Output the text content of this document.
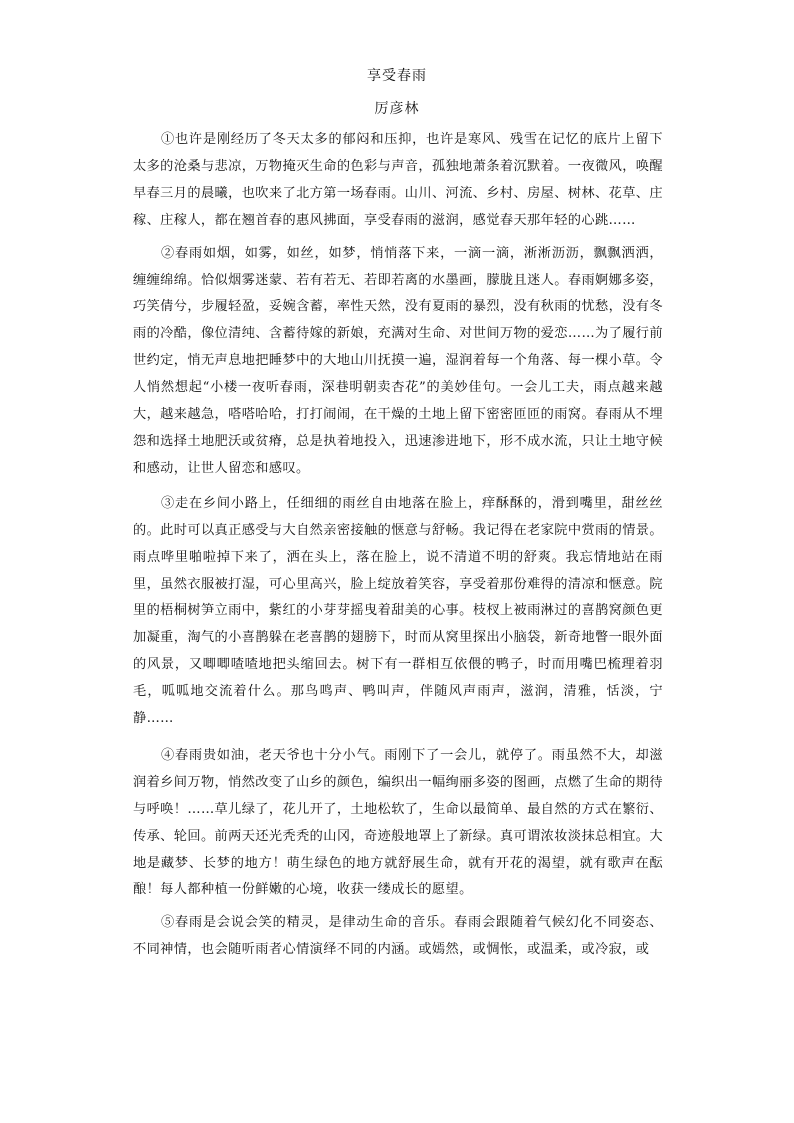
享受春雨
厉彦林

①也许是刚经历了冬天太多的郁闷和压抑，也许是寒风、残雪在记忆的底片上留下太多的沧桑与悲凉，万物掩灭生命的色彩与声音，孤独地萧条着沉默着。一夜微风，唤醒早春三月的晨曦，也吹来了北方第一场春雨。山川、河流、乡村、房屋、树林、花草、庄稼、庄稼人，都在翘首春的惠风拂面，享受春雨的滋润，感觉春天那年轻的心跳……

②春雨如烟，如雾，如丝，如梦，悄悄落下来，一滴一滴，淅淅沥沥，飘飘洒洒，缠缠绵绵。恰似烟雾迷蒙、若有若无、若即若离的水墨画，朦胧且迷人。春雨婀娜多姿，巧笑倩兮，步履轻盈，妥婉含蓄，率性天然，没有夏雨的暴烈，没有秋雨的忧愁，没有冬雨的冷酷，像位清纯、含蓄待嫁的新娘，充满对生命、对世间万物的爱恋……为了履行前世约定，悄无声息地把睡梦中的大地山川抚摸一遍，湿润着每一个角落、每一棵小草。令人悄然想起“小楼一夜听春雨，深巷明朝卖杏花”的美妙佳句。一会儿工夫，雨点越来越大，越来越急，嗒嗒哈哈，打打闹闹，在干燥的土地上留下密密匝匝的雨窝。春雨从不埋怨和选择土地肥沃或贫瘠，总是执着地投入，迅速渗进地下，形不成水流，只让土地守候和感动，让世人留恋和感叹。

③走在乡间小路上，任细细的雨丝自由地落在脸上，痒酥酥的，滑到嘴里，甜丝丝的。此时可以真正感受与大自然亲密接触的惬意与舒畅。我记得在老家院中赏雨的情景。雨点哗里啪啦掉下来了，洒在头上，落在脸上，说不清道不明的舒爽。我忘情地站在雨里，虽然衣服被打湿，可心里高兴，脸上绽放着笑容，享受着那份难得的清凉和惬意。院里的梧桐树笋立雨中，紫红的小芽芽摇曳着甜美的心事。枝杈上被雨淋过的喜鹊窝颜色更加凝重，淘气的小喜鹊躲在老喜鹊的翅膀下，时而从窝里探出小脑袋，新奇地瞥一眼外面的风景，又唧唧喳喳地把头缩回去。树下有一群相互依偎的鸭子，时而用嘴巴梳理着羽毛，呱呱地交流着什么。那鸟鸣声、鸭叫声，伴随风声雨声，滋润，清雅，恬淡，宁静……

④春雨贵如油，老天爷也十分小气。雨刚下了一会儿，就停了。雨虽然不大，却滋润着乡间万物，悄然改变了山乡的颜色，编织出一幅绚丽多姿的图画，点燃了生命的期待与呼唤！……草儿绿了，花儿开了，土地松软了，生命以最简单、最自然的方式在繁衍、传承、轮回。前两天还光秃秃的山冈，奇迹般地罩上了新绿。真可谓浓妆淡抹总相宜。大地是藏梦、长梦的地方！萌生绿色的地方就舒展生命，就有开花的渴望，就有歌声在酝酿！每人都种植一份鲜嫩的心境，收获一缕成长的愿望。

⑤春雨是会说会笑的精灵，是律动生命的音乐。春雨会跟随着气候幻化不同姿态、不同神情，也会随听雨者心情演绎不同的内涵。或嫣然，或惆怅，或温柔，或冷寂，或
